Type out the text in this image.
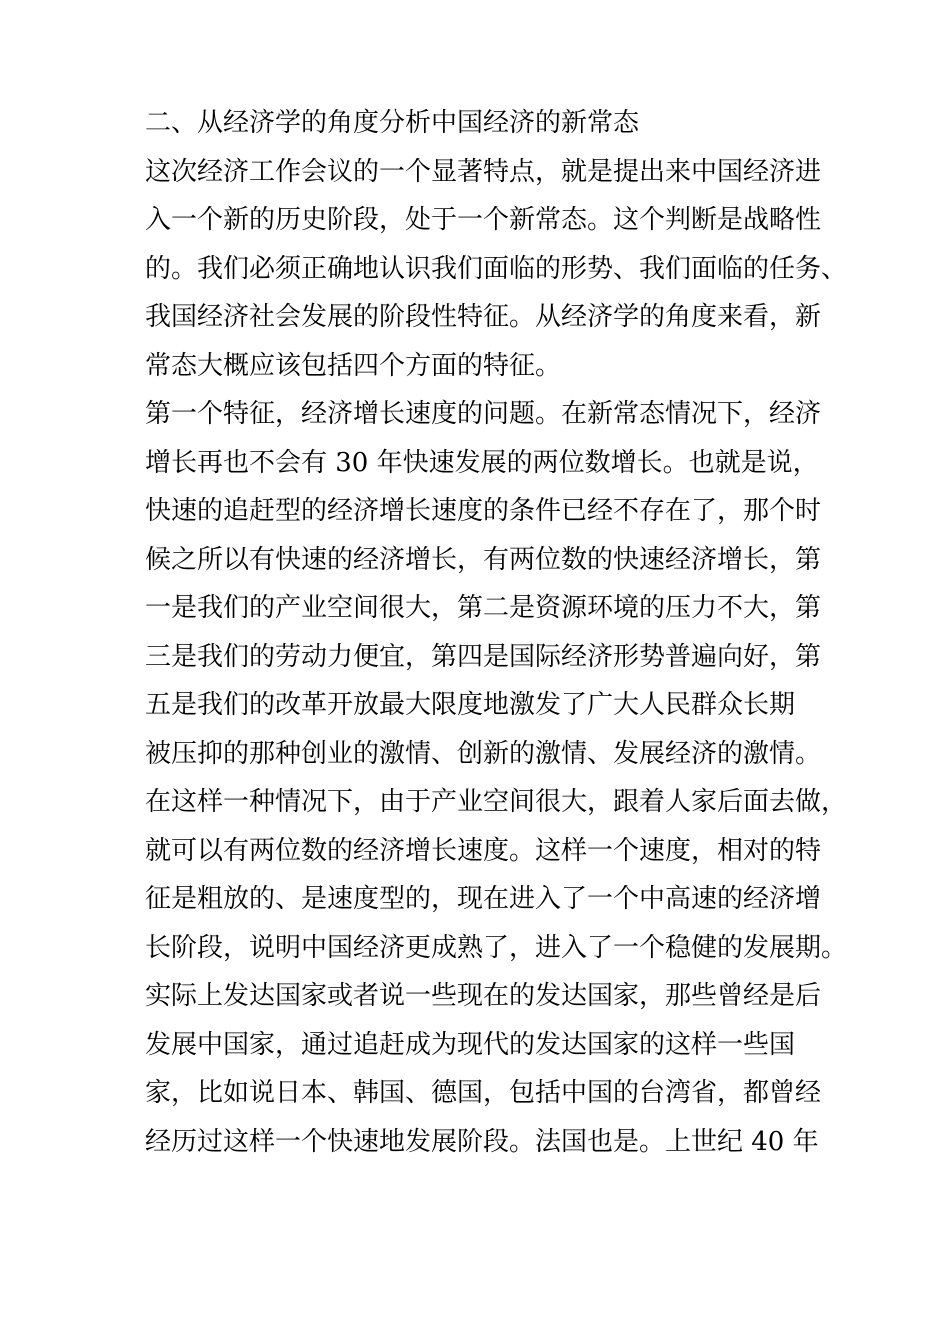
二、从经济学的角度分析中国经济的新常态
这次经济工作会议的一个显著特点，就是提出来中国经济进
入一个新的历史阶段，处于一个新常态。这个判断是战略性
的。我们必须正确地认识我们面临的形势、我们面临的任务、
我国经济社会发展的阶段性特征。从经济学的角度来看，新
常态大概应该包括四个方面的特征。
第一个特征，经济增长速度的问题。在新常态情况下，经济
增长再也不会有 30 年快速发展的两位数增长。也就是说，
快速的追赶型的经济增长速度的条件已经不存在了，那个时
候之所以有快速的经济增长，有两位数的快速经济增长，第
一是我们的产业空间很大，第二是资源环境的压力不大，第
三是我们的劳动力便宜，第四是国际经济形势普遍向好，第
五是我们的改革开放最大限度地激发了广大人民群众长期
被压抑的那种创业的激情、创新的激情、发展经济的激情。
在这样一种情况下，由于产业空间很大，跟着人家后面去做，
就可以有两位数的经济增长速度。这样一个速度，相对的特
征是粗放的、是速度型的，现在进入了一个中高速的经济增
长阶段，说明中国经济更成熟了，进入了一个稳健的发展期。
实际上发达国家或者说一些现在的发达国家，那些曾经是后
发展中国家，通过追赶成为现代的发达国家的这样一些国
家，比如说日本、韩国、德国，包括中国的台湾省，都曾经
经历过这样一个快速地发展阶段。法国也是。上世纪 40 年
